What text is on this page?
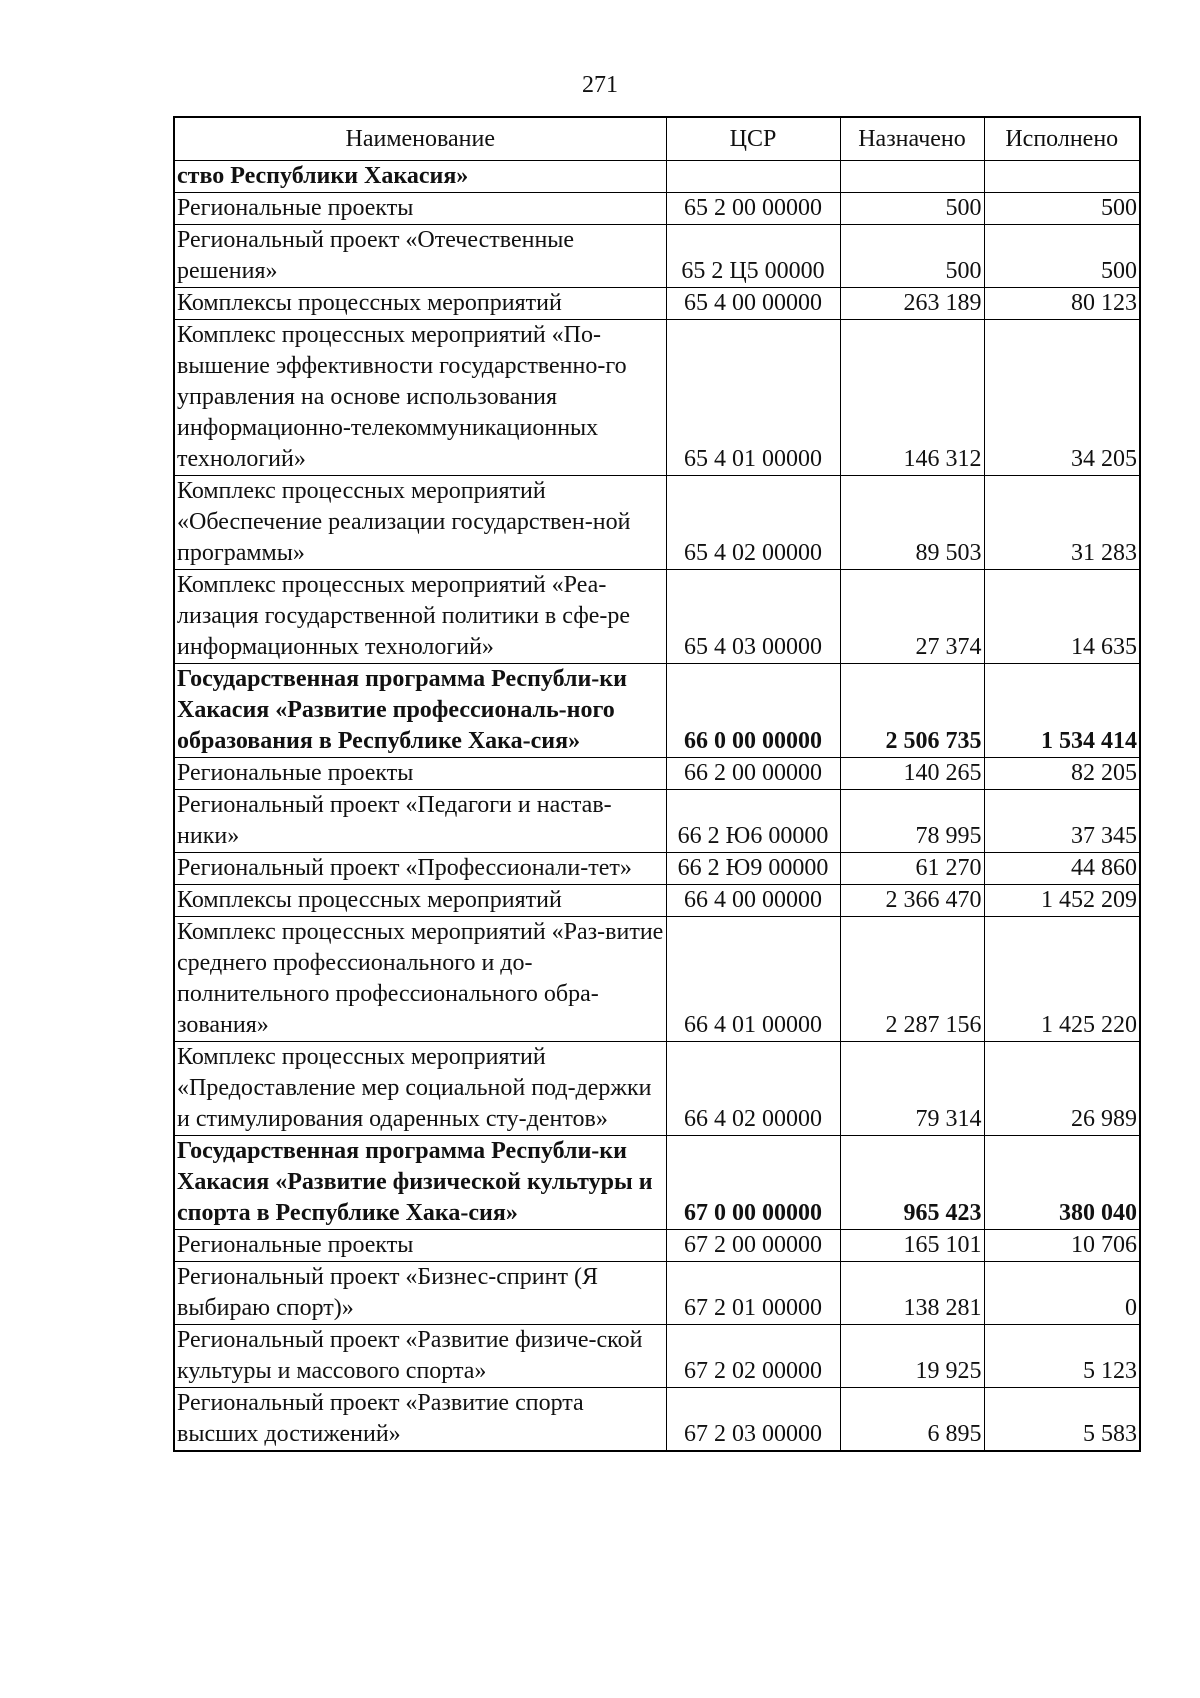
271
Наименование	ЦСР	Назначено	Исполнено
ство Республики Хакасия»			
Региональные проекты	65 2 00 00000	500	500
Региональный проект «Отечественные решения»	65 2 Ц5 00000	500	500
Комплексы процессных мероприятий	65 4 00 00000	263 189	80 123
Комплекс процессных мероприятий «По-вышение эффективности государственно-го управления на основе использования информационно-телекоммуникационных технологий»	65 4 01 00000	146 312	34 205
Комплекс процессных мероприятий «Обеспечение реализации государствен-ной программы»	65 4 02 00000	89 503	31 283
Комплекс процессных мероприятий «Реа-лизация государственной политики в сфе-ре информационных технологий»	65 4 03 00000	27 374	14 635
Государственная программа Республи-ки Хакасия «Развитие профессиональ-ного образования в Республике Хака-сия»	66 0 00 00000	2 506 735	1 534 414
Региональные проекты	66 2 00 00000	140 265	82 205
Региональный проект «Педагоги и настав-ники»	66 2 Ю6 00000	78 995	37 345
Региональный проект «Профессионали-тет»	66 2 Ю9 00000	61 270	44 860
Комплексы процессных мероприятий	66 4 00 00000	2 366 470	1 452 209
Комплекс процессных мероприятий «Раз-витие среднего профессионального и до-полнительного профессионального обра-зования»	66 4 01 00000	2 287 156	1 425 220
Комплекс процессных мероприятий «Предоставление мер социальной под-держки и стимулирования одаренных сту-дентов»	66 4 02 00000	79 314	26 989
Государственная программа Республи-ки Хакасия «Развитие физической культуры и спорта в Республике Хака-сия»	67 0 00 00000	965 423	380 040
Региональные проекты	67 2 00 00000	165 101	10 706
Региональный проект «Бизнес-спринт (Я выбираю спорт)»	67 2 01 00000	138 281	0
Региональный проект «Развитие физиче-ской культуры и массового спорта»	67 2 02 00000	19 925	5 123
Региональный проект «Развитие спорта высших достижений»	67 2 03 00000	6 895	5 583
